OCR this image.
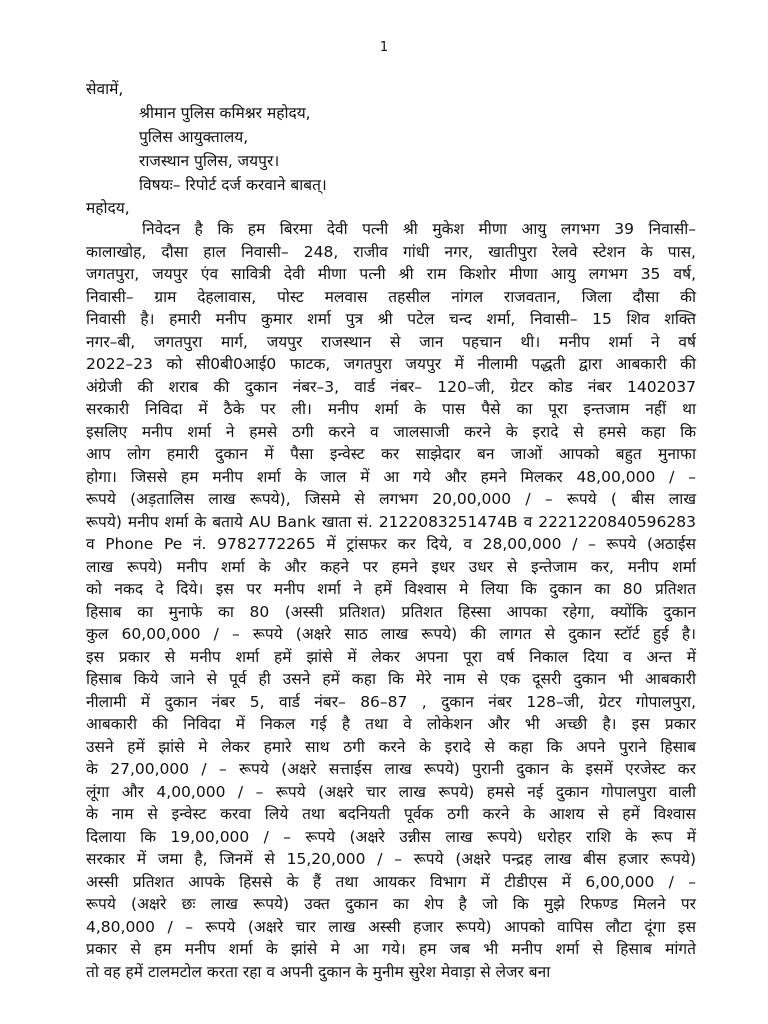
1
सेवामें,
श्रीमान पुलिस कमिश्नर महोदय,
पुलिस आयुक्तालय,
राजस्थान पुलिस, जयपुर।
विषयः– रिपोर्ट दर्ज करवाने बाबत्।
महोदय,
निवेदन है कि हम बिरमा देवी पत्नी श्री मुकेश मीणा आयु लगभग 39 निवासी–
कालाखोह, दौसा हाल निवासी– 248, राजीव गांधी नगर, खातीपुरा रेलवे स्टेशन के पास,
जगतपुरा, जयपुर एंव सावित्री देवी मीणा पत्नी श्री राम किशोर मीणा आयु लगभग 35 वर्ष,
निवासी– ग्राम देहलावास, पोस्ट मलवास तहसील नांगल राजवतान, जिला दौसा की
निवासी है। हमारी मनीप कुमार शर्मा पुत्र श्री पटेल चन्द शर्मा, निवासी– 15 शिव शक्ति
नगर–बी, जगतपुरा मार्ग, जयपुर राजस्थान से जान पहचान थी। मनीप शर्मा ने वर्ष
2022–23 को सी0बी0आई0 फाटक, जगतपुरा जयपुर में नीलामी पद्धती द्वारा आबकारी की
अंग्रेजी की शराब की दुकान नंबर–3, वार्ड नंबर– 120–जी, ग्रेटर कोड नंबर 1402037
सरकारी निविदा में ठैके पर ली। मनीप शर्मा के पास पैसे का पूरा इन्तजाम नहीं था
इसलिए मनीप शर्मा ने हमसे ठगी करने व जालसाजी करने के इरादे से हमसे कहा कि
आप लोग हमारी दुकान में पैसा इन्वेस्ट कर साझेदार बन जाओं आपको बहुत मुनाफा
होगा। जिससे हम मनीप शर्मा के जाल में आ गये और हमने मिलकर 48,00,000 / –
रूपये (अड़तालिस लाख रूपये), जिसमे से लगभग 20,00,000 / – रूपये ( बीस लाख
रूपये) मनीप शर्मा के बताये AU Bank खाता सं. 2122083251474B व 2221220840596283
व Phone Pe नं. 9782772265 में ट्रांसफर कर दिये, व 28,00,000 / – रूपये (अठाईस
लाख रूपये) मनीप शर्मा के और कहने पर हमने इधर उधर से इन्तेजाम कर, मनीप शर्मा
को नकद दे दिये। इस पर मनीप शर्मा ने हमें विश्वास मे लिया कि दुकान का 80 प्रतिशत
हिसाब का मुनाफे का 80 (अस्सी प्रतिशत) प्रतिशत हिस्सा आपका रहेगा, क्योंकि दुकान
कुल 60,00,000 / – रूपये (अक्षरे साठ लाख रूपये) की लागत से दुकान स्टॉर्ट हुई है।
इस प्रकार से मनीप शर्मा हमें झांसे में लेकर अपना पूरा वर्ष निकाल दिया व अन्त में
हिसाब किये जाने से पूर्व ही उसने हमें कहा कि मेरे नाम से एक दूसरी दुकान भी आबकारी
नीलामी में दुकान नंबर 5, वार्ड नंबर– 86–87 , दुकान नंबर 128–जी, ग्रेटर गोपालपुरा,
आबकारी की निविदा में निकल गई है तथा वे लोकेशन और भी अच्छी है। इस प्रकार
उसने हमें झांसे मे लेकर हमारे साथ ठगी करने के इरादे से कहा कि अपने पुराने हिसाब
के 27,00,000 / – रूपये (अक्षरे सत्ताईस लाख रूपये) पुरानी दुकान के इसमें एरजेस्ट कर
लूंगा और 4,00,000 / – रूपये (अक्षरे चार लाख रूपये) हमसे नई दुकान गोपालपुरा वाली
के नाम से इन्वेस्ट करवा लिये तथा बदनियती पूर्वक ठगी करने के आशय से हमें विश्वास
दिलाया कि 19,00,000 / – रूपये (अक्षरे उन्नीस लाख रूपये) धरोहर राशि के रूप में
सरकार में जमा है, जिनमें से 15,20,000 / – रूपये (अक्षरे पन्द्रह लाख बीस हजार रूपये)
अस्सी प्रतिशत आपके हिससे के हैं तथा आयकर विभाग में टीडीएस में 6,00,000 / –
रूपये (अक्षरे छः लाख रूपये) उक्त दुकान का शेप है जो कि मुझे रिफण्ड मिलने पर
4,80,000 / – रूपये (अक्षरे चार लाख अस्सी हजार रूपये) आपको वापिस लौटा दूंगा इस
प्रकार से हम मनीप शर्मा के झांसे मे आ गये। हम जब भी मनीप शर्मा से हिसाब मांगते
तो वह हमें टालमटोल करता रहा व अपनी दुकान के मुनीम सुरेश मेवाड़ा से लेजर बना
